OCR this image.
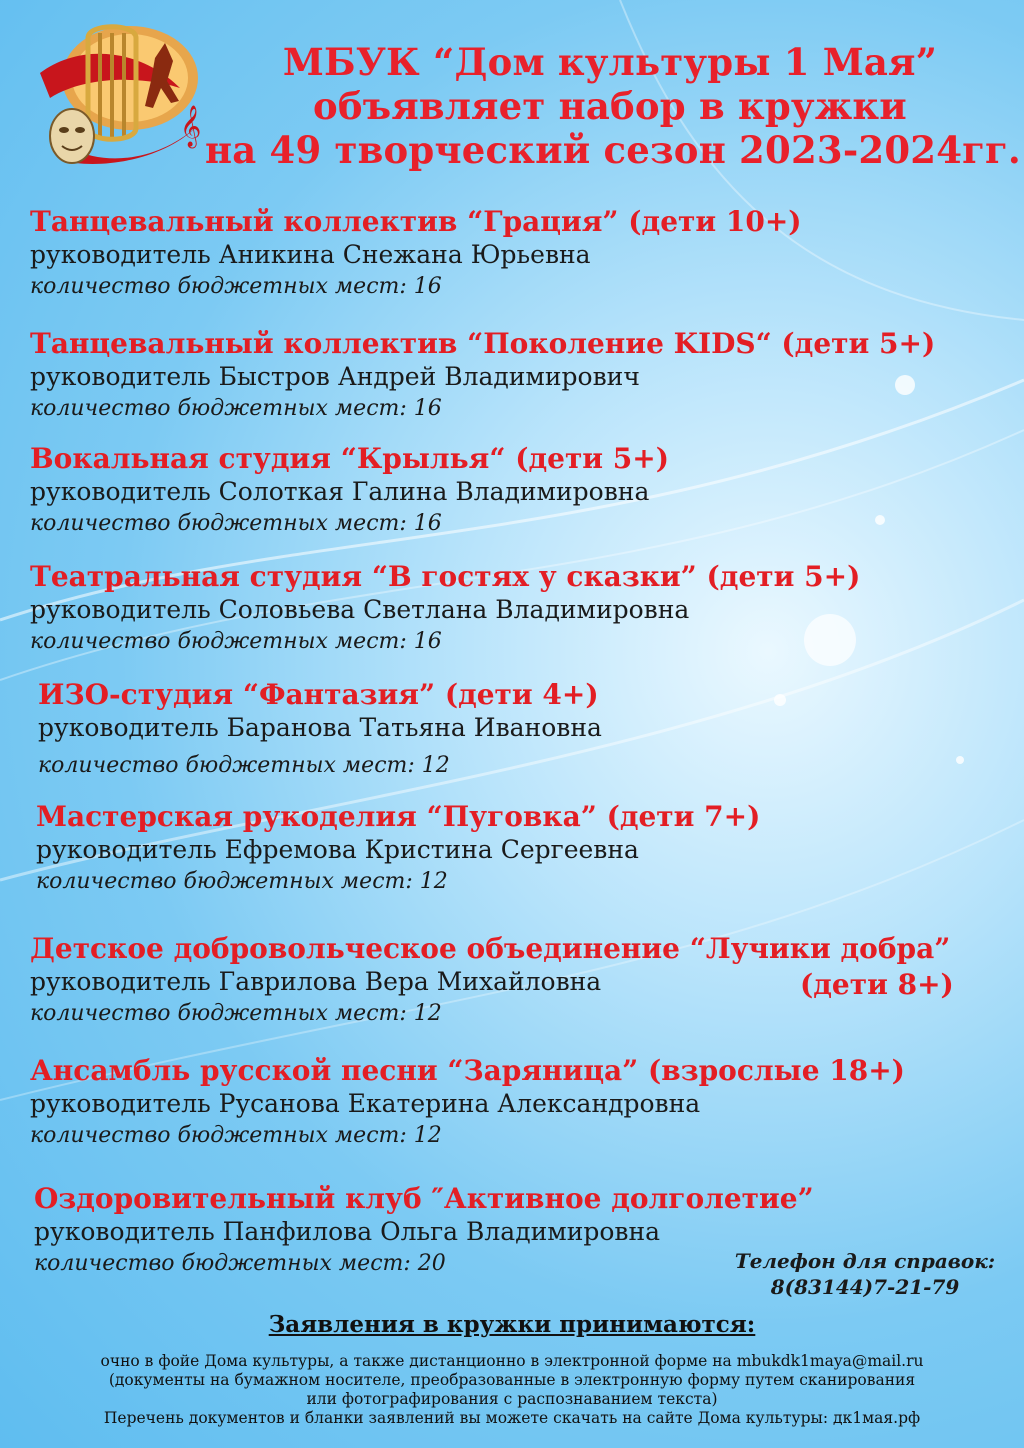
𝄞
МБУК “Дом культуры 1 Мая”
объявляет набор в кружки
на 49 творческий сезон 2023-2024гг.
Танцевальный коллектив “Грация” (дети 10+)
руководитель Аникина Снежана Юрьевна
количество бюджетных мест: 16
Танцевальный коллектив “Поколение KIDS“ (дети 5+)
руководитель Быстров Андрей Владимирович
количество бюджетных мест: 16
Вокальная студия “Крылья“ (дети 5+)
руководитель Солоткая Галина Владимировна
количество бюджетных мест: 16
Театральная студия “В гостях у сказки” (дети 5+)
руководитель Соловьева Светлана Владимировна
количество бюджетных мест: 16
ИЗО-студия “Фантазия” (дети 4+)
руководитель Баранова Татьяна Ивановна
количество бюджетных мест: 12
Мастерская рукоделия “Пуговка” (дети 7+)
руководитель Ефремова Кристина Сергеевна
количество бюджетных мест: 12
Детское добровольческое объединение “Лучики добра”
руководитель Гаврилова Вера Михайловна
количество бюджетных мест: 12
(дети 8+)
Ансамбль русской песни “Заряница” (взрослые 18+)
руководитель Русанова Екатерина Александровна
количество бюджетных мест: 12
Оздоровительный клуб ″Активное долголетие”
руководитель Панфилова Ольга Владимировна
количество бюджетных мест: 20	Телефон для справок:
8(83144)7-21-79
Заявления в кружки принимаются:
очно в фойе Дома культуры, а также дистанционно в электронной форме на mbukdk1maya@mail.ru
(документы на бумажном носителе, преобразованные в электронную форму путем сканирования
или фотографирования с распознаванием текста)
Перечень документов и бланки заявлений вы можете скачать на сайте Дома культуры: дк1мая.рф
